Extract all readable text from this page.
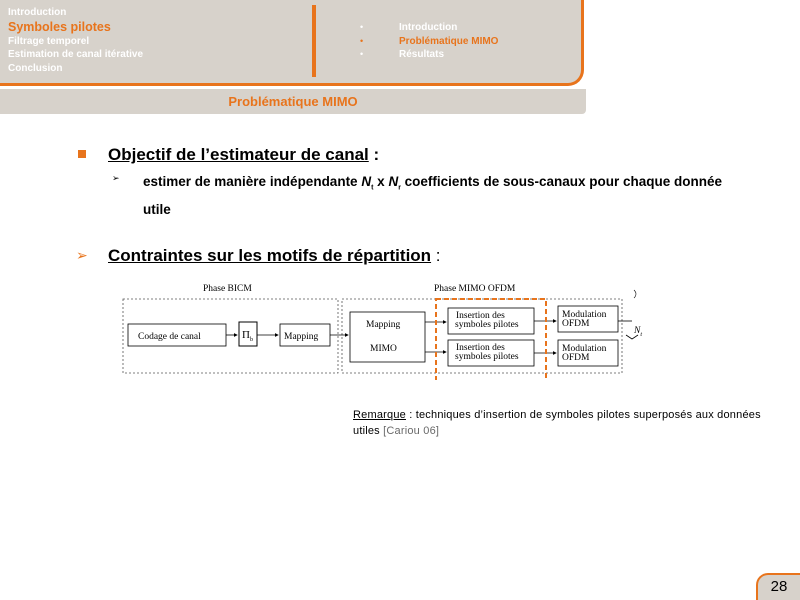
Introduction
Symboles pilotes
Filtrage temporel
Estimation de canal itérative
Conclusion
•	Introduction
•	Problématique MIMO
•	Résultats
Problématique MIMO
Objectif de l’estimateur de canal :
➢ estimer de manière indépendante $N_t$ x $N_r$ coefficients de sous-canaux pour chaque donnée utile
➢ Contraintes sur les motifs de répartition :
Phase BICM	Phase MIMO OFDM
Codage de canal	$\Pi_b$	Mapping
Mapping
MIMO
Insertion des
symboles pilotes
Insertion des
symboles pilotes
Modulation
OFDM
Modulation
OFDM
$N_t$
Remarque : techniques d’insertion de symboles pilotes superposés aux données utiles [Cariou 06]
28
